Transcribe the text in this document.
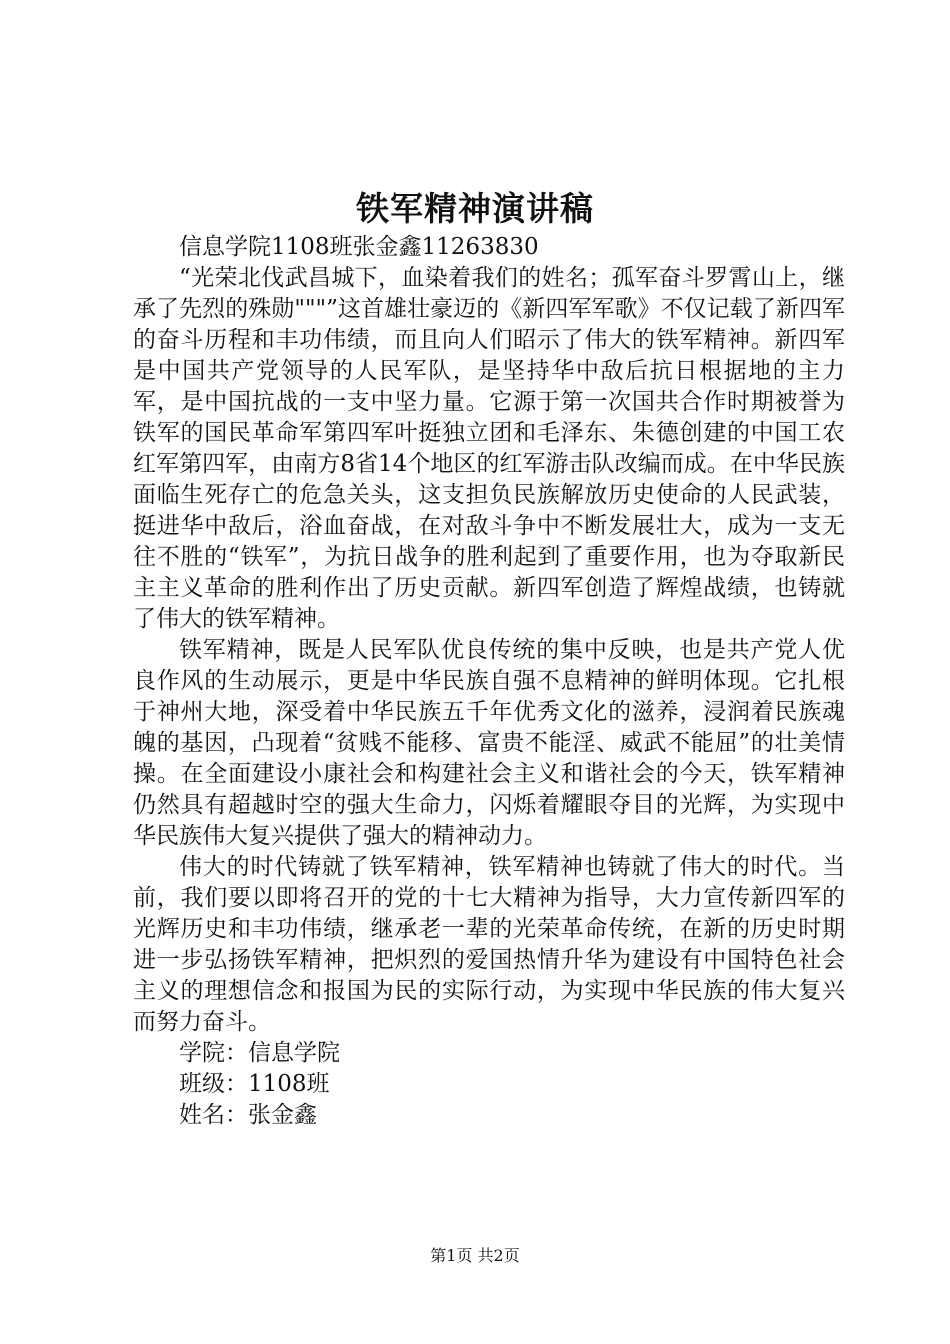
铁军精神演讲稿

信息学院1108班张金鑫11263830

“光荣北伐武昌城下，血染着我们的姓名；孤军奋斗罗霄山上，继承了先烈的殊勋"""”这首雄壮豪迈的《新四军军歌》不仅记载了新四军的奋斗历程和丰功伟绩，而且向人们昭示了伟大的铁军精神。新四军是中国共产党领导的人民军队，是坚持华中敌后抗日根据地的主力军，是中国抗战的一支中坚力量。它源于第一次国共合作时期被誉为铁军的国民革命军第四军叶挺独立团和毛泽东、朱德创建的中国工农红军第四军，由南方8省14个地区的红军游击队改编而成。在中华民族面临生死存亡的危急关头，这支担负民族解放历史使命的人民武装，挺进华中敌后，浴血奋战，在对敌斗争中不断发展壮大，成为一支无往不胜的“铁军”，为抗日战争的胜利起到了重要作用，也为夺取新民主主义革命的胜利作出了历史贡献。新四军创造了辉煌战绩，也铸就了伟大的铁军精神。

铁军精神，既是人民军队优良传统的集中反映，也是共产党人优良作风的生动展示，更是中华民族自强不息精神的鲜明体现。它扎根于神州大地，深受着中华民族五千年优秀文化的滋养，浸润着民族魂魄的基因，凸现着“贫贱不能移、富贵不能淫、威武不能屈”的壮美情操。在全面建设小康社会和构建社会主义和谐社会的今天，铁军精神仍然具有超越时空的强大生命力，闪烁着耀眼夺目的光辉，为实现中华民族伟大复兴提供了强大的精神动力。

伟大的时代铸就了铁军精神，铁军精神也铸就了伟大的时代。当前，我们要以即将召开的党的十七大精神为指导，大力宣传新四军的光辉历史和丰功伟绩，继承老一辈的光荣革命传统，在新的历史时期进一步弘扬铁军精神，把炽烈的爱国热情升华为建设有中国特色社会主义的理想信念和报国为民的实际行动，为实现中华民族的伟大复兴而努力奋斗。

学院：信息学院

班级：1108班

姓名：张金鑫

第1页 共2页
